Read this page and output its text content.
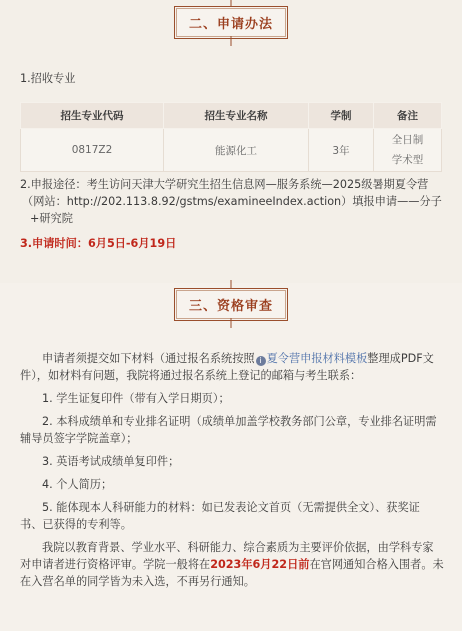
二、申请办法
1.招收专业
招生专业代码	招生专业名称	学制	备注
0817Z2	能源化工	3年	全日制
学术型
2.申报途径：考生访问天津大学研究生招生信息网—服务系统—2025级暑期夏令营
（网站：http://202.113.8.92/gstms/examineeIndex.action）填报申请——分子
+研究院
3.申请时间：6月5日-6月19日
三、资格审查
申请者须提交如下材料（通过报名系统按照 i 夏令营申报材料模板整理成PDF文
件），如材料有问题，我院将通过报名系统上登记的邮箱与考生联系：
1. 学生证复印件（带有入学日期页）；
2. 本科成绩单和专业排名证明（成绩单加盖学校教务部门公章，专业排名证明需
辅导员签字学院盖章）；
3. 英语考试成绩单复印件；
4. 个人简历；
5. 能体现本人科研能力的材料：如已发表论文首页（无需提供全文）、获奖证
书、已获得的专利等。
我院以教育背景、学业水平、科研能力、综合素质为主要评价依据，由学科专家
对申请者进行资格评审。学院一般将在2023年6月22日前在官网通知合格入围者。未
在入营名单的同学皆为未入选，不再另行通知。
